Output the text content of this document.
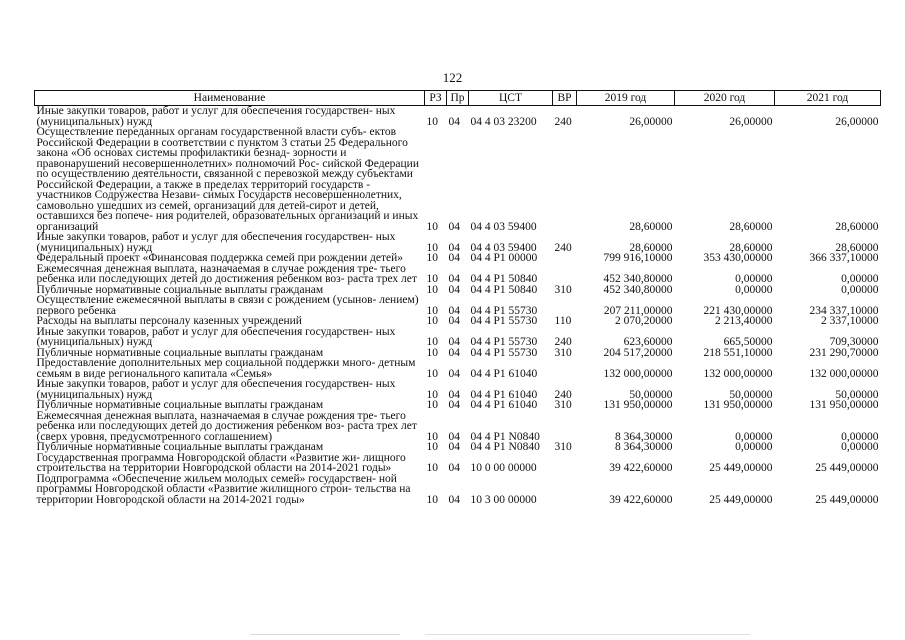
122
Наименование	РЗ	Пр	ЦСТ	ВР	2019 год	2020 год	2021 год
Иные закупки товаров, работ и услуг для обеспечения государствен- ных (муниципальных) нужд	10	04	04 4 03 23200	240	26,00000	26,00000	26,00000
Осуществление переданных органам государственной власти субъ- ектов Российской Федерации в соответствии с пунктом 3 статьи 25 Федерального закона «Об основах системы профилактики безнад- зорности и правонарушений несовершеннолетних» полномочий Рос- сийской Федерации по осуществлению деятельности, связанной с перевозкой между субъектами Российской Федерации, а также в пределах территорий государств - участников Содружества Незави- симых Государств несовершеннолетних, самовольно ушедших из семей, организаций для детей-сирот и детей, оставшихся без попече- ния родителей, образовательных организаций и иных организаций	10	04	04 4 03 59400		28,60000	28,60000	28,60000
Иные закупки товаров, работ и услуг для обеспечения государствен- ных (муниципальных) нужд	10	04	04 4 03 59400	240	28,60000	28,60000	28,60000
Федеральный проект «Финансовая поддержка семей при рождении детей»	10	04	04 4 P1 00000		799 916,10000	353 430,00000	366 337,10000
Ежемесячная денежная выплата, назначаемая в случае рождения тре- тьего ребенка или последующих детей до достижения ребенком воз- раста трех лет	10	04	04 4 P1 50840		452 340,80000	0,00000	0,00000
Публичные нормативные социальные выплаты гражданам	10	04	04 4 P1 50840	310	452 340,80000	0,00000	0,00000
Осуществление ежемесячной выплаты в связи с рождением (усынов- лением) первого ребенка	10	04	04 4 P1 55730		207 211,00000	221 430,00000	234 337,10000
Расходы на выплаты персоналу казенных учреждений	10	04	04 4 P1 55730	110	2 070,20000	2 213,40000	2 337,10000
Иные закупки товаров, работ и услуг для обеспечения государствен- ных (муниципальных) нужд	10	04	04 4 P1 55730	240	623,60000	665,50000	709,30000
Публичные нормативные социальные выплаты гражданам	10	04	04 4 P1 55730	310	204 517,20000	218 551,10000	231 290,70000
Предоставление дополнительных мер социальной поддержки много- детным семьям в виде регионального капитала «Семья»	10	04	04 4 P1 61040		132 000,00000	132 000,00000	132 000,00000
Иные закупки товаров, работ и услуг для обеспечения государствен- ных (муниципальных) нужд	10	04	04 4 P1 61040	240	50,00000	50,00000	50,00000
Публичные нормативные социальные выплаты гражданам	10	04	04 4 P1 61040	310	131 950,00000	131 950,00000	131 950,00000
Ежемесячная денежная выплата, назначаемая в случае рождения тре- тьего ребенка или последующих детей до достижения ребенком воз- раста трех лет (сверх уровня, предусмотренного соглашением)	10	04	04 4 P1 N0840		8 364,30000	0,00000	0,00000
Публичные нормативные социальные выплаты гражданам	10	04	04 4 P1 N0840	310	8 364,30000	0,00000	0,00000
Государственная программа Новгородской области «Развитие жи- лищного строительства на территории Новгородской области на 2014-2021 годы»	10	04	10 0 00 00000		39 422,60000	25 449,00000	25 449,00000
Подпрограмма «Обеспечение жильем молодых семей» государствен- ной программы Новгородской области «Развитие жилищного строи- тельства на территории Новгородской области на 2014-2021 годы»	10	04	10 3 00 00000		39 422,60000	25 449,00000	25 449,00000
